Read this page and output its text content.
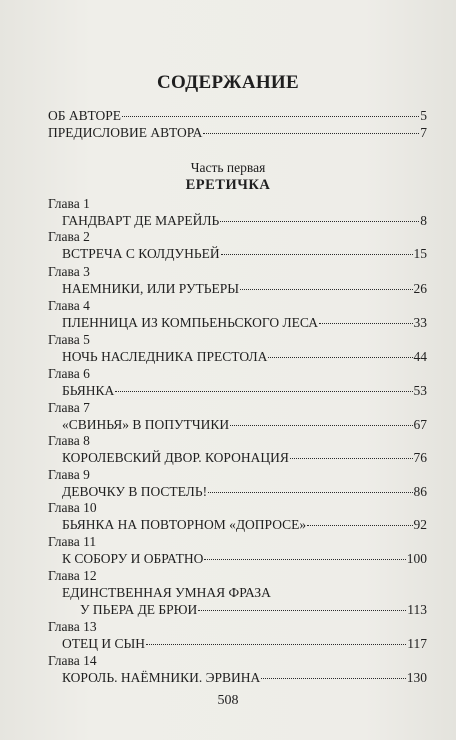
СОДЕРЖАНИЕ
ОБ АВТОРЕ	5
ПРЕДИСЛОВИЕ АВТОРА	7
Часть первая
ЕРЕТИЧКА
Глава 1
ГАНДВАРТ ДЕ МАРЕЙЛЬ	8
Глава 2
ВСТРЕЧА С КОЛДУНЬЕЙ	15
Глава 3
НАЕМНИКИ, ИЛИ РУТЬЕРЫ	26
Глава 4
ПЛЕННИЦА ИЗ КОМПЬЕНЬСКОГО ЛЕСА	33
Глава 5
НОЧЬ НАСЛЕДНИКА ПРЕСТОЛА	44
Глава 6
БЬЯНКА	53
Глава 7
«СВИНЬЯ» В ПОПУТЧИКИ	67
Глава 8
КОРОЛЕВСКИЙ ДВОР. КОРОНАЦИЯ	76
Глава 9
ДЕВОЧКУ В ПОСТЕЛЬ!	86
Глава 10
БЬЯНКА НА ПОВТОРНОМ «ДОПРОСЕ»	92
Глава 11
К СОБОРУ И ОБРАТНО	100
Глава 12
ЕДИНСТВЕННАЯ УМНАЯ ФРАЗА
У ПЬЕРА ДЕ БРЮИ	113
Глава 13
ОТЕЦ И СЫН	117
Глава 14
КОРОЛЬ. НАЁМНИКИ. ЭРВИНА	130
508
